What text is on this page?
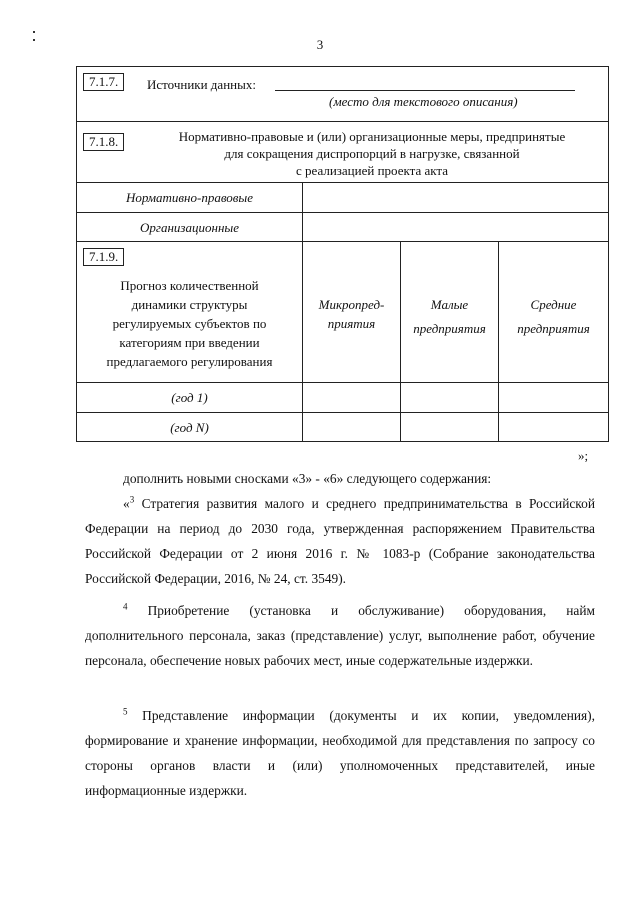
3
7.1.7.	Источники данных:
(место для текстового описания)
7.1.8.	Нормативно-правовые и (или) организационные меры, предпринятые
для сокращения диспропорций в нагрузке, связанной
с реализацией проекта акта
Нормативно-правовые
Организационные
7.1.9.
Прогноз количественной
динамики структуры
регулируемых субъектов по
категориям при введении
предлагаемого регулирования
Микропред-
приятия
Малые
предприятия
Средние
предприятия
(год 1)
(год N)
»;
дополнить новыми сносками «3» - «6» следующего содержания:
«$^3$ Стратегия развития малого и среднего предпринимательства в Российской Федерации на период до 2030 года, утвержденная распоряжением Правительства Российской Федерации от 2 июня 2016 г. № 1083-р (Собрание законодательства Российской Федерации, 2016, № 24, ст. 3549).
$^4$ Приобретение (установка и обслуживание) оборудования, найм дополнительного персонала, заказ (представление) услуг, выполнение работ, обучение персонала, обеспечение новых рабочих мест, иные содержательные издержки.
$^5$ Представление информации (документы и их копии, уведомления), формирование и хранение информации, необходимой для представления по запросу со стороны органов власти и (или) уполномоченных представителей, иные информационные издержки.
